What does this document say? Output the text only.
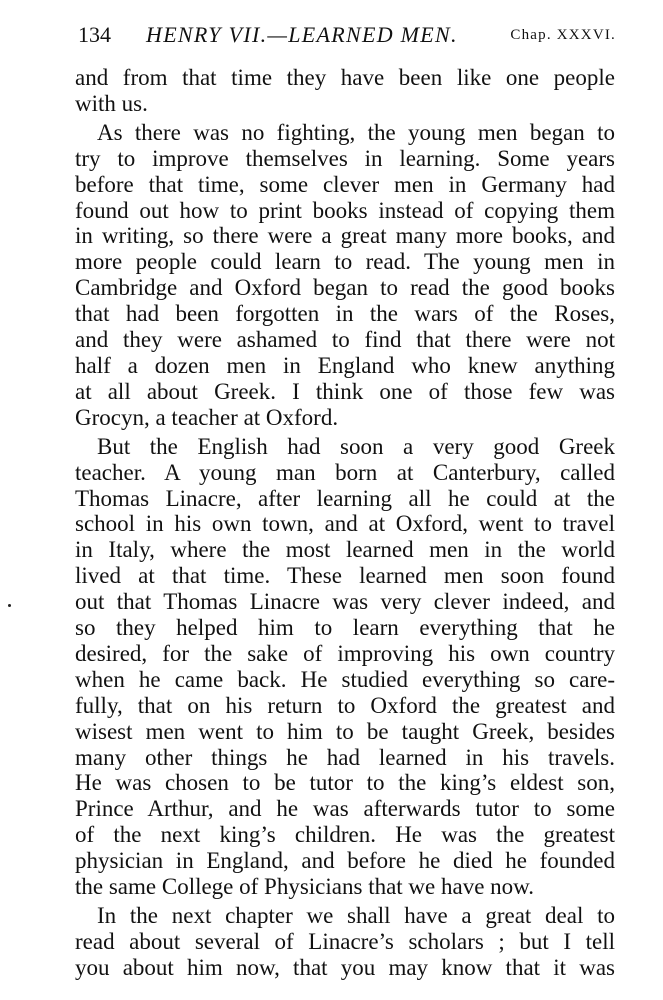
134 HENRY VII.—LEARNED MEN.	Chap. XXXVI.

and from that time they have been like one people
with us.

As there was no fighting, the young men began to
try to improve themselves in learning. Some years
before that time, some clever men in Germany had
found out how to print books instead of copying them
in writing, so there were a great many more books, and
more people could learn to read. The young men in
Cambridge and Oxford began to read the good books
that had been forgotten in the wars of the Roses,
and they were ashamed to find that there were not
half a dozen men in England who knew anything
at all about Greek. I think one of those few was
Grocyn, a teacher at Oxford.

But the English had soon a very good Greek
teacher. A young man born at Canterbury, called
Thomas Linacre, after learning all he could at the
school in his own town, and at Oxford, went to travel
in Italy, where the most learned men in the world
lived at that time. These learned men soon found
out that Thomas Linacre was very clever indeed, and
so they helped him to learn everything that he
desired, for the sake of improving his own country
when he came back. He studied everything so care-
fully, that on his return to Oxford the greatest and
wisest men went to him to be taught Greek, besides
many other things he had learned in his travels.
He was chosen to be tutor to the king’s eldest son,
Prince Arthur, and he was afterwards tutor to some
of the next king’s children. He was the greatest
physician in England, and before he died he founded
the same College of Physicians that we have now.

In the next chapter we shall have a great deal to
read about several of Linacre’s scholars ; but I tell
you about him now, that you may know that it was
